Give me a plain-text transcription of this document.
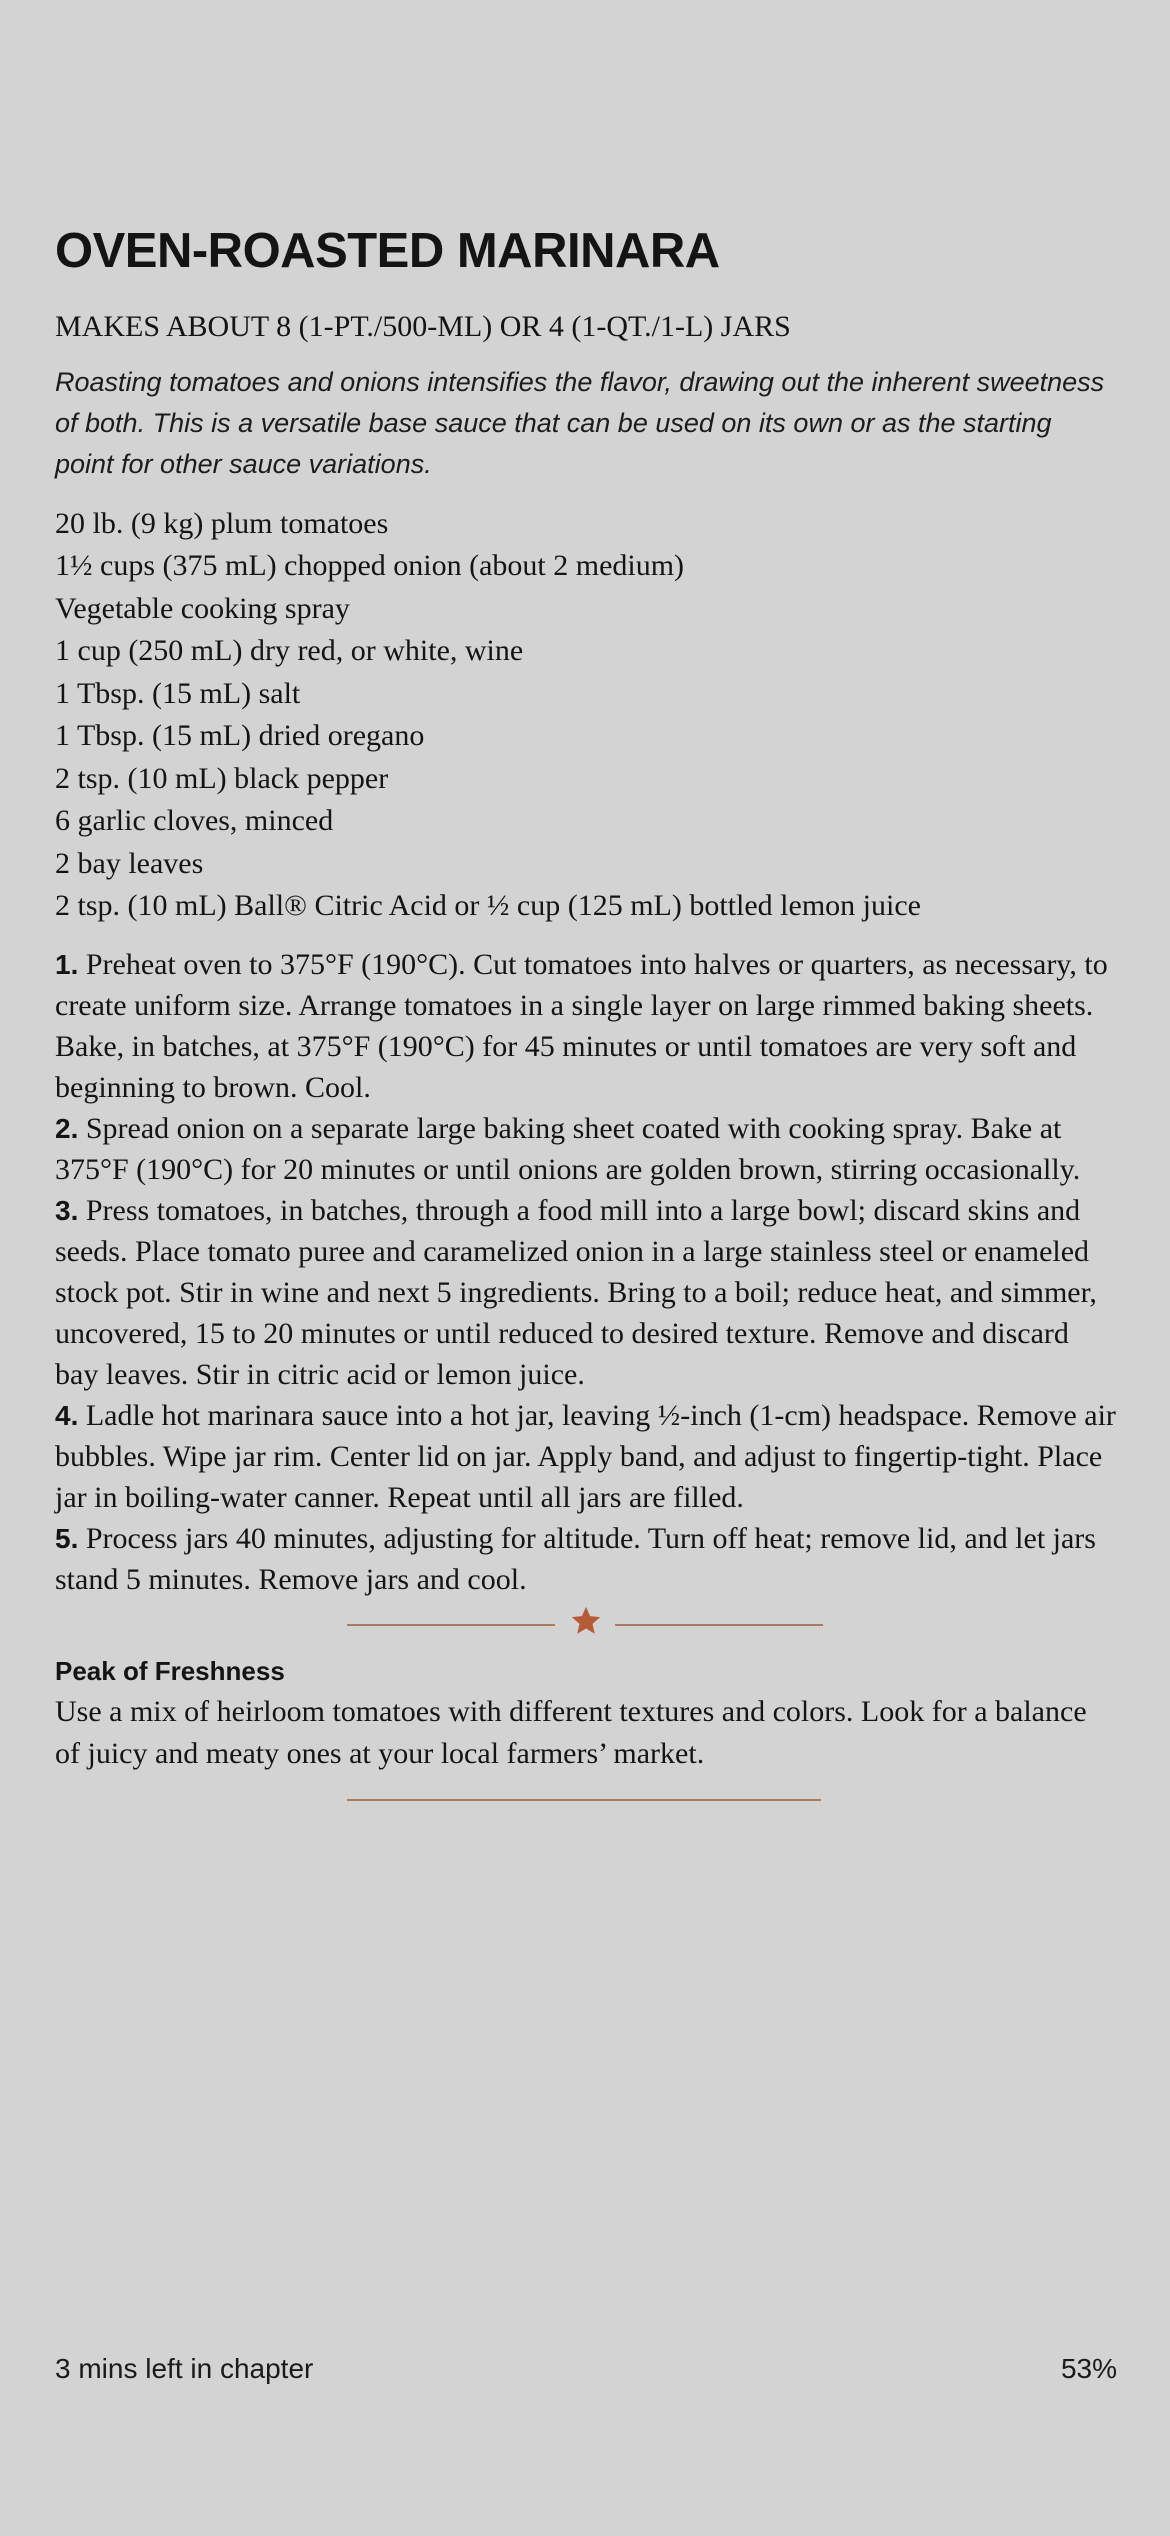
OVEN-ROASTED MARINARA

MAKES ABOUT 8 (1-PT./500-ML) OR 4 (1-QT./1-L) JARS

Roasting tomatoes and onions intensifies the flavor, drawing out the inherent sweetness of both. This is a versatile base sauce that can be used on its own or as the starting point for other sauce variations.

20 lb. (9 kg) plum tomatoes
1½ cups (375 mL) chopped onion (about 2 medium)
Vegetable cooking spray
1 cup (250 mL) dry red, or white, wine
1 Tbsp. (15 mL) salt
1 Tbsp. (15 mL) dried oregano
2 tsp. (10 mL) black pepper
6 garlic cloves, minced
2 bay leaves
2 tsp. (10 mL) Ball® Citric Acid or ½ cup (125 mL) bottled lemon juice

1. Preheat oven to 375°F (190°C). Cut tomatoes into halves or quarters, as necessary, to create uniform size. Arrange tomatoes in a single layer on large rimmed baking sheets. Bake, in batches, at 375°F (190°C) for 45 minutes or until tomatoes are very soft and beginning to brown. Cool.

2. Spread onion on a separate large baking sheet coated with cooking spray. Bake at 375°F (190°C) for 20 minutes or until onions are golden brown, stirring occasionally.

3. Press tomatoes, in batches, through a food mill into a large bowl; discard skins and seeds. Place tomato puree and caramelized onion in a large stainless steel or enameled stock pot. Stir in wine and next 5 ingredients. Bring to a boil; reduce heat, and simmer, uncovered, 15 to 20 minutes or until reduced to desired texture. Remove and discard bay leaves. Stir in citric acid or lemon juice.

4. Ladle hot marinara sauce into a hot jar, leaving ½-inch (1-cm) headspace. Remove air bubbles. Wipe jar rim. Center lid on jar. Apply band, and adjust to fingertip-tight. Place jar in boiling-water canner. Repeat until all jars are filled.

5. Process jars 40 minutes, adjusting for altitude. Turn off heat; remove lid, and let jars stand 5 minutes. Remove jars and cool.

Peak of Freshness

Use a mix of heirloom tomatoes with different textures and colors. Look for a balance of juicy and meaty ones at your local farmers’ market.

3 mins left in chapter	53%
